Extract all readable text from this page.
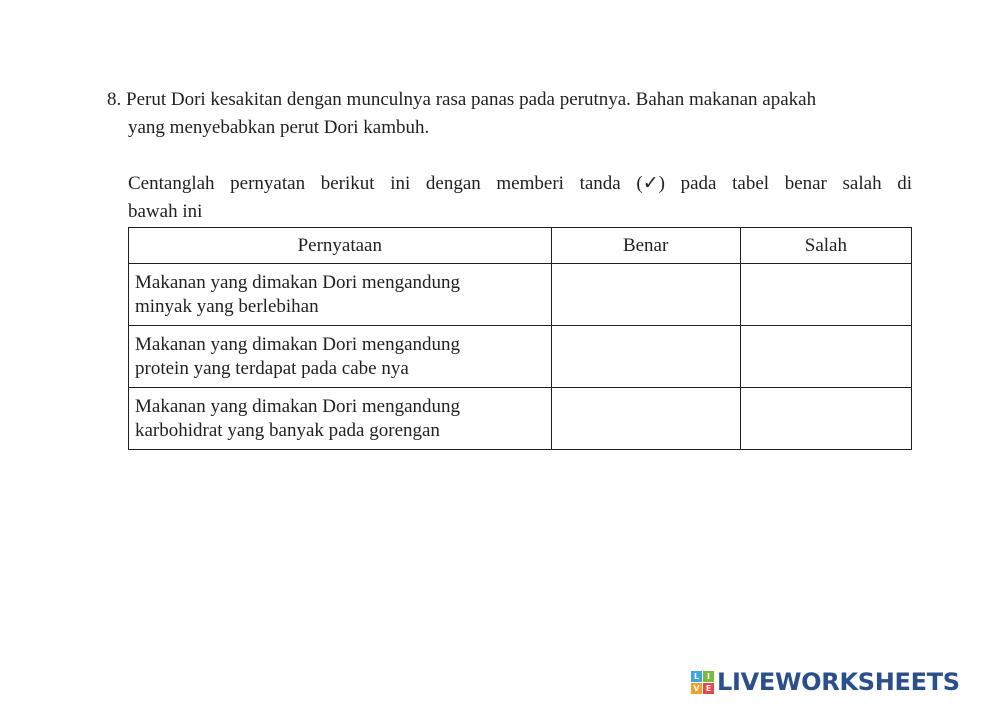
8. Perut Dori kesakitan dengan munculnya rasa panas pada perutnya. Bahan makanan apakah
yang menyebabkan perut Dori kambuh.
Centanglah pernyatan berikut ini dengan memberi tanda (✓) pada tabel benar salah di
bawah ini
Pernyataan	Benar	Salah
Makanan yang dimakan Dori mengandung
minyak yang berlebihan		
Makanan yang dimakan Dori mengandung
protein yang terdapat pada cabe nya		
Makanan yang dimakan Dori mengandung
karbohidrat yang banyak pada gorengan		
L I
V E LIVEWORKSHEETS
